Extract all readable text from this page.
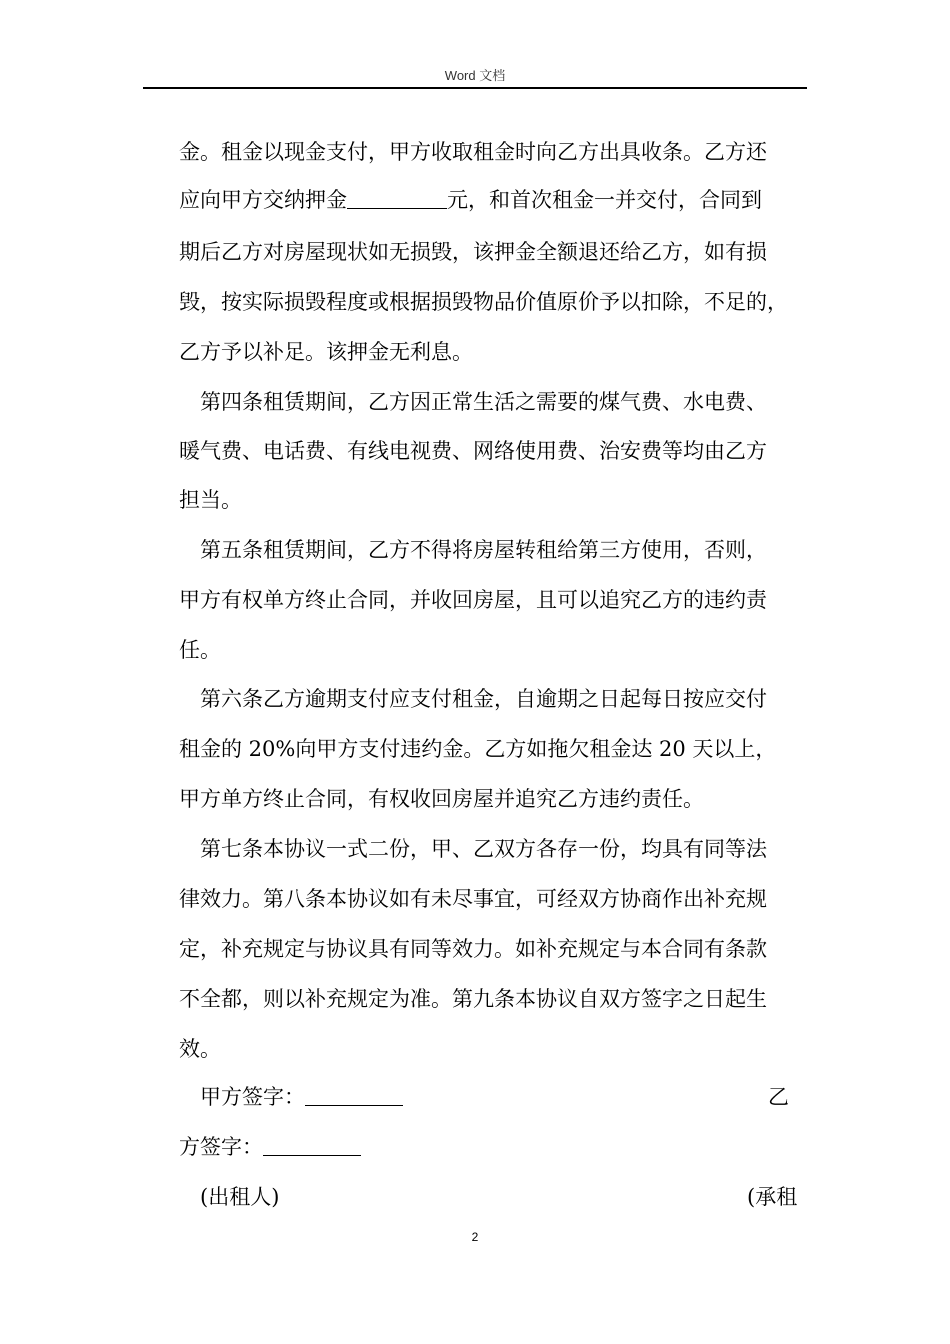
Word 文档
金。租金以现金支付，甲方收取租金时向乙方出具收条。乙方还
应向甲方交纳押金	元，和首次租金一并交付，合同到
期后乙方对房屋现状如无损毁，该押金全额退还给乙方，如有损
毁，按实际损毁程度或根据损毁物品价值原价予以扣除，不足的，
乙方予以补足。该押金无利息。
第四条租赁期间，乙方因正常生活之需要的煤气费、水电费、
暖气费、电话费、有线电视费、网络使用费、治安费等均由乙方
担当。
第五条租赁期间，乙方不得将房屋转租给第三方使用，否则，
甲方有权单方终止合同，并收回房屋，且可以追究乙方的违约责
任。
第六条乙方逾期支付应支付租金，自逾期之日起每日按应交付
租金的 20%向甲方支付违约金。乙方如拖欠租金达 20 天以上，
甲方单方终止合同，有权收回房屋并追究乙方违约责任。
第七条本协议一式二份，甲、乙双方各存一份，均具有同等法
律效力。第八条本协议如有未尽事宜，可经双方协商作出补充规
定，补充规定与协议具有同等效力。如补充规定与本合同有条款
不全都，则以补充规定为准。第九条本协议自双方签字之日起生
效。
甲方签字：	乙
方签字：
(出租人)	(承租
2
